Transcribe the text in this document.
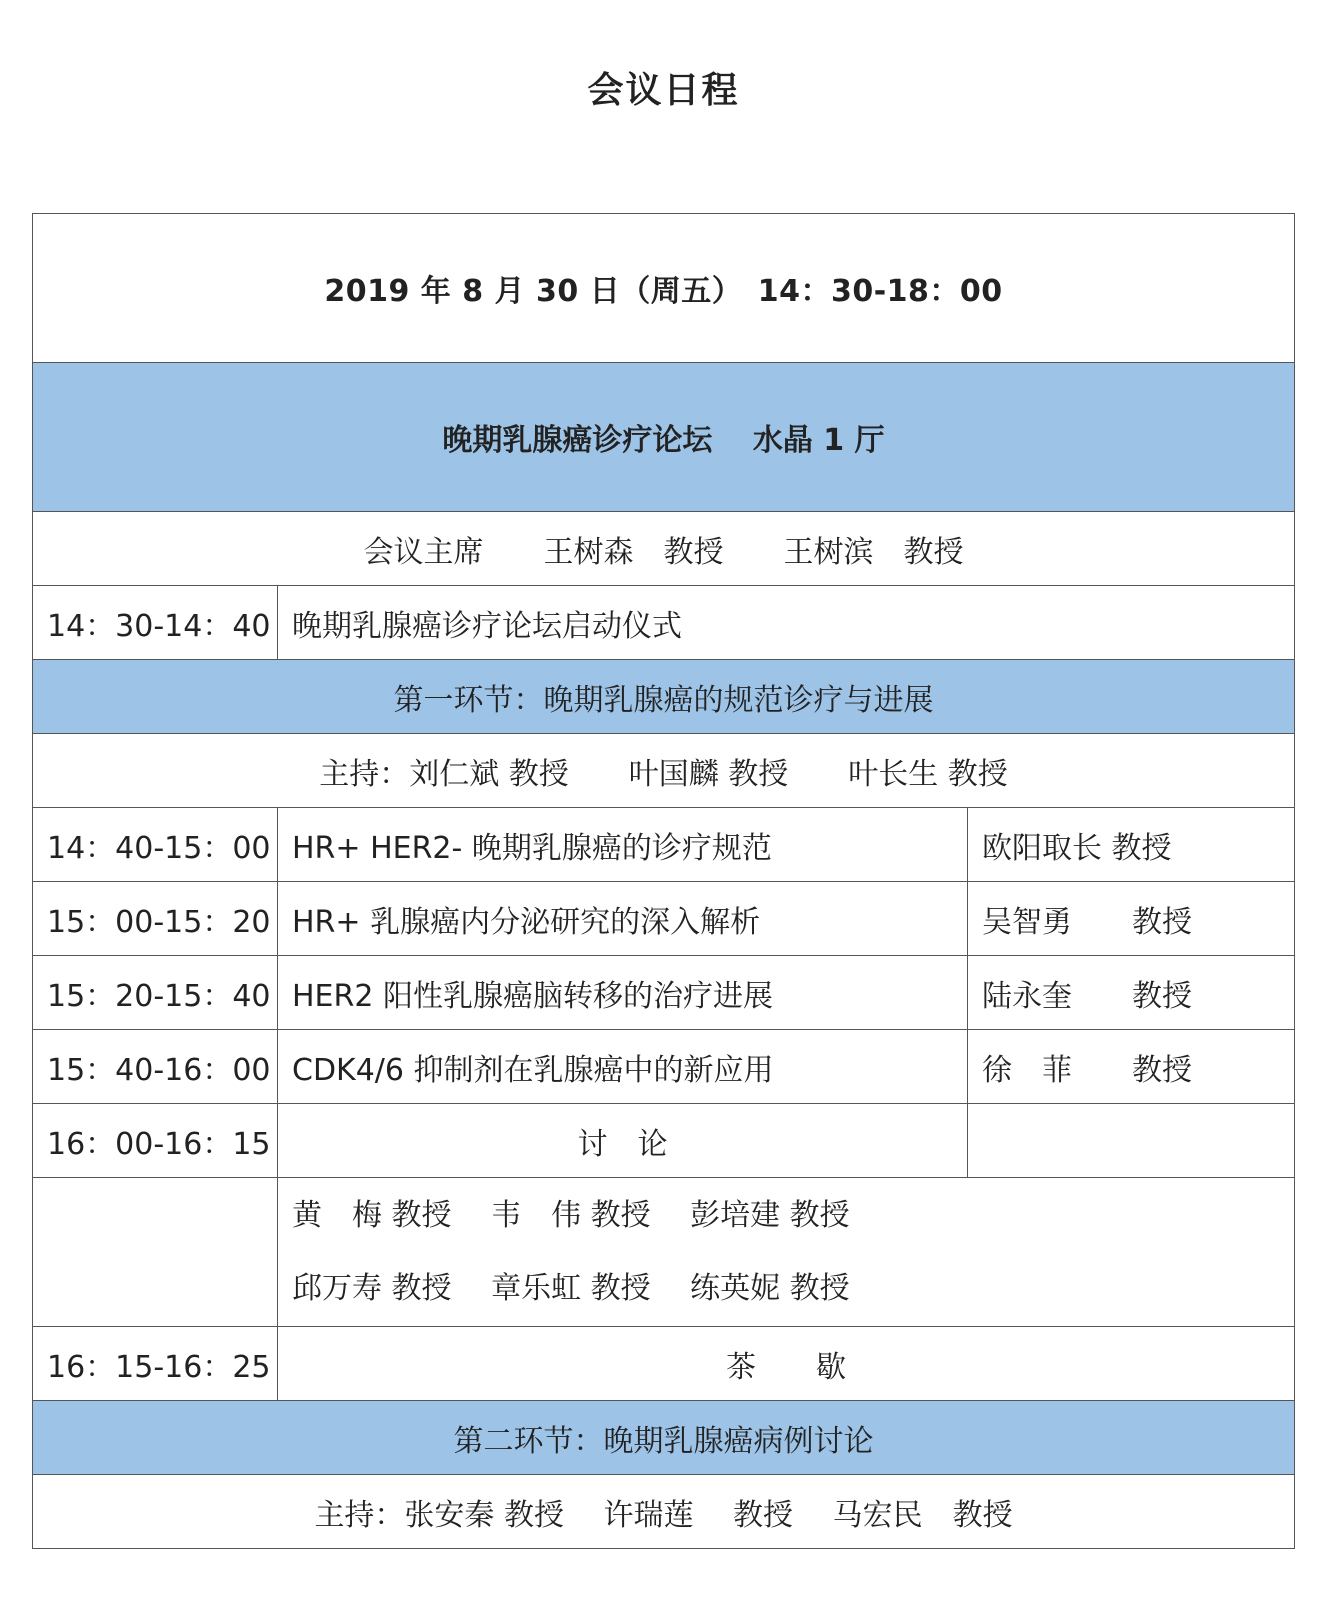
会议日程
2019 年 8 月 30 日（周五）　14：30-18：00		
晚期乳腺癌诊疗论坛　 水晶 1 厅		
会议主席　　王树森　教授　　王树滨　教授		
14：30-14：40	晚期乳腺癌诊疗论坛启动仪式	
第一环节：晚期乳腺癌的规范诊疗与进展		
主持：刘仁斌 教授　　叶国麟 教授　　叶长生 教授		
14：40-15：00	HR+ HER2- 晚期乳腺癌的诊疗规范	欧阳取长 教授
15：00-15：20	HR+ 乳腺癌内分泌研究的深入解析	吴智勇　　教授
15：20-15：40	HER2 阳性乳腺癌脑转移的治疗进展	陆永奎　　教授
15：40-16：00	CDK4/6 抑制剂在乳腺癌中的新应用	徐　菲　　教授
16：00-16：15	讨　论	

	黄　梅 教授　 韦　伟 教授　 彭培建 教授
邱万寿 教授　 章乐虹 教授　 练英妮 教授	

16：15-16：25	茶　　歇	
第二环节：晚期乳腺癌病例讨论		
主持：张安秦 教授　 许瑞莲　 教授　 马宏民　教授		
